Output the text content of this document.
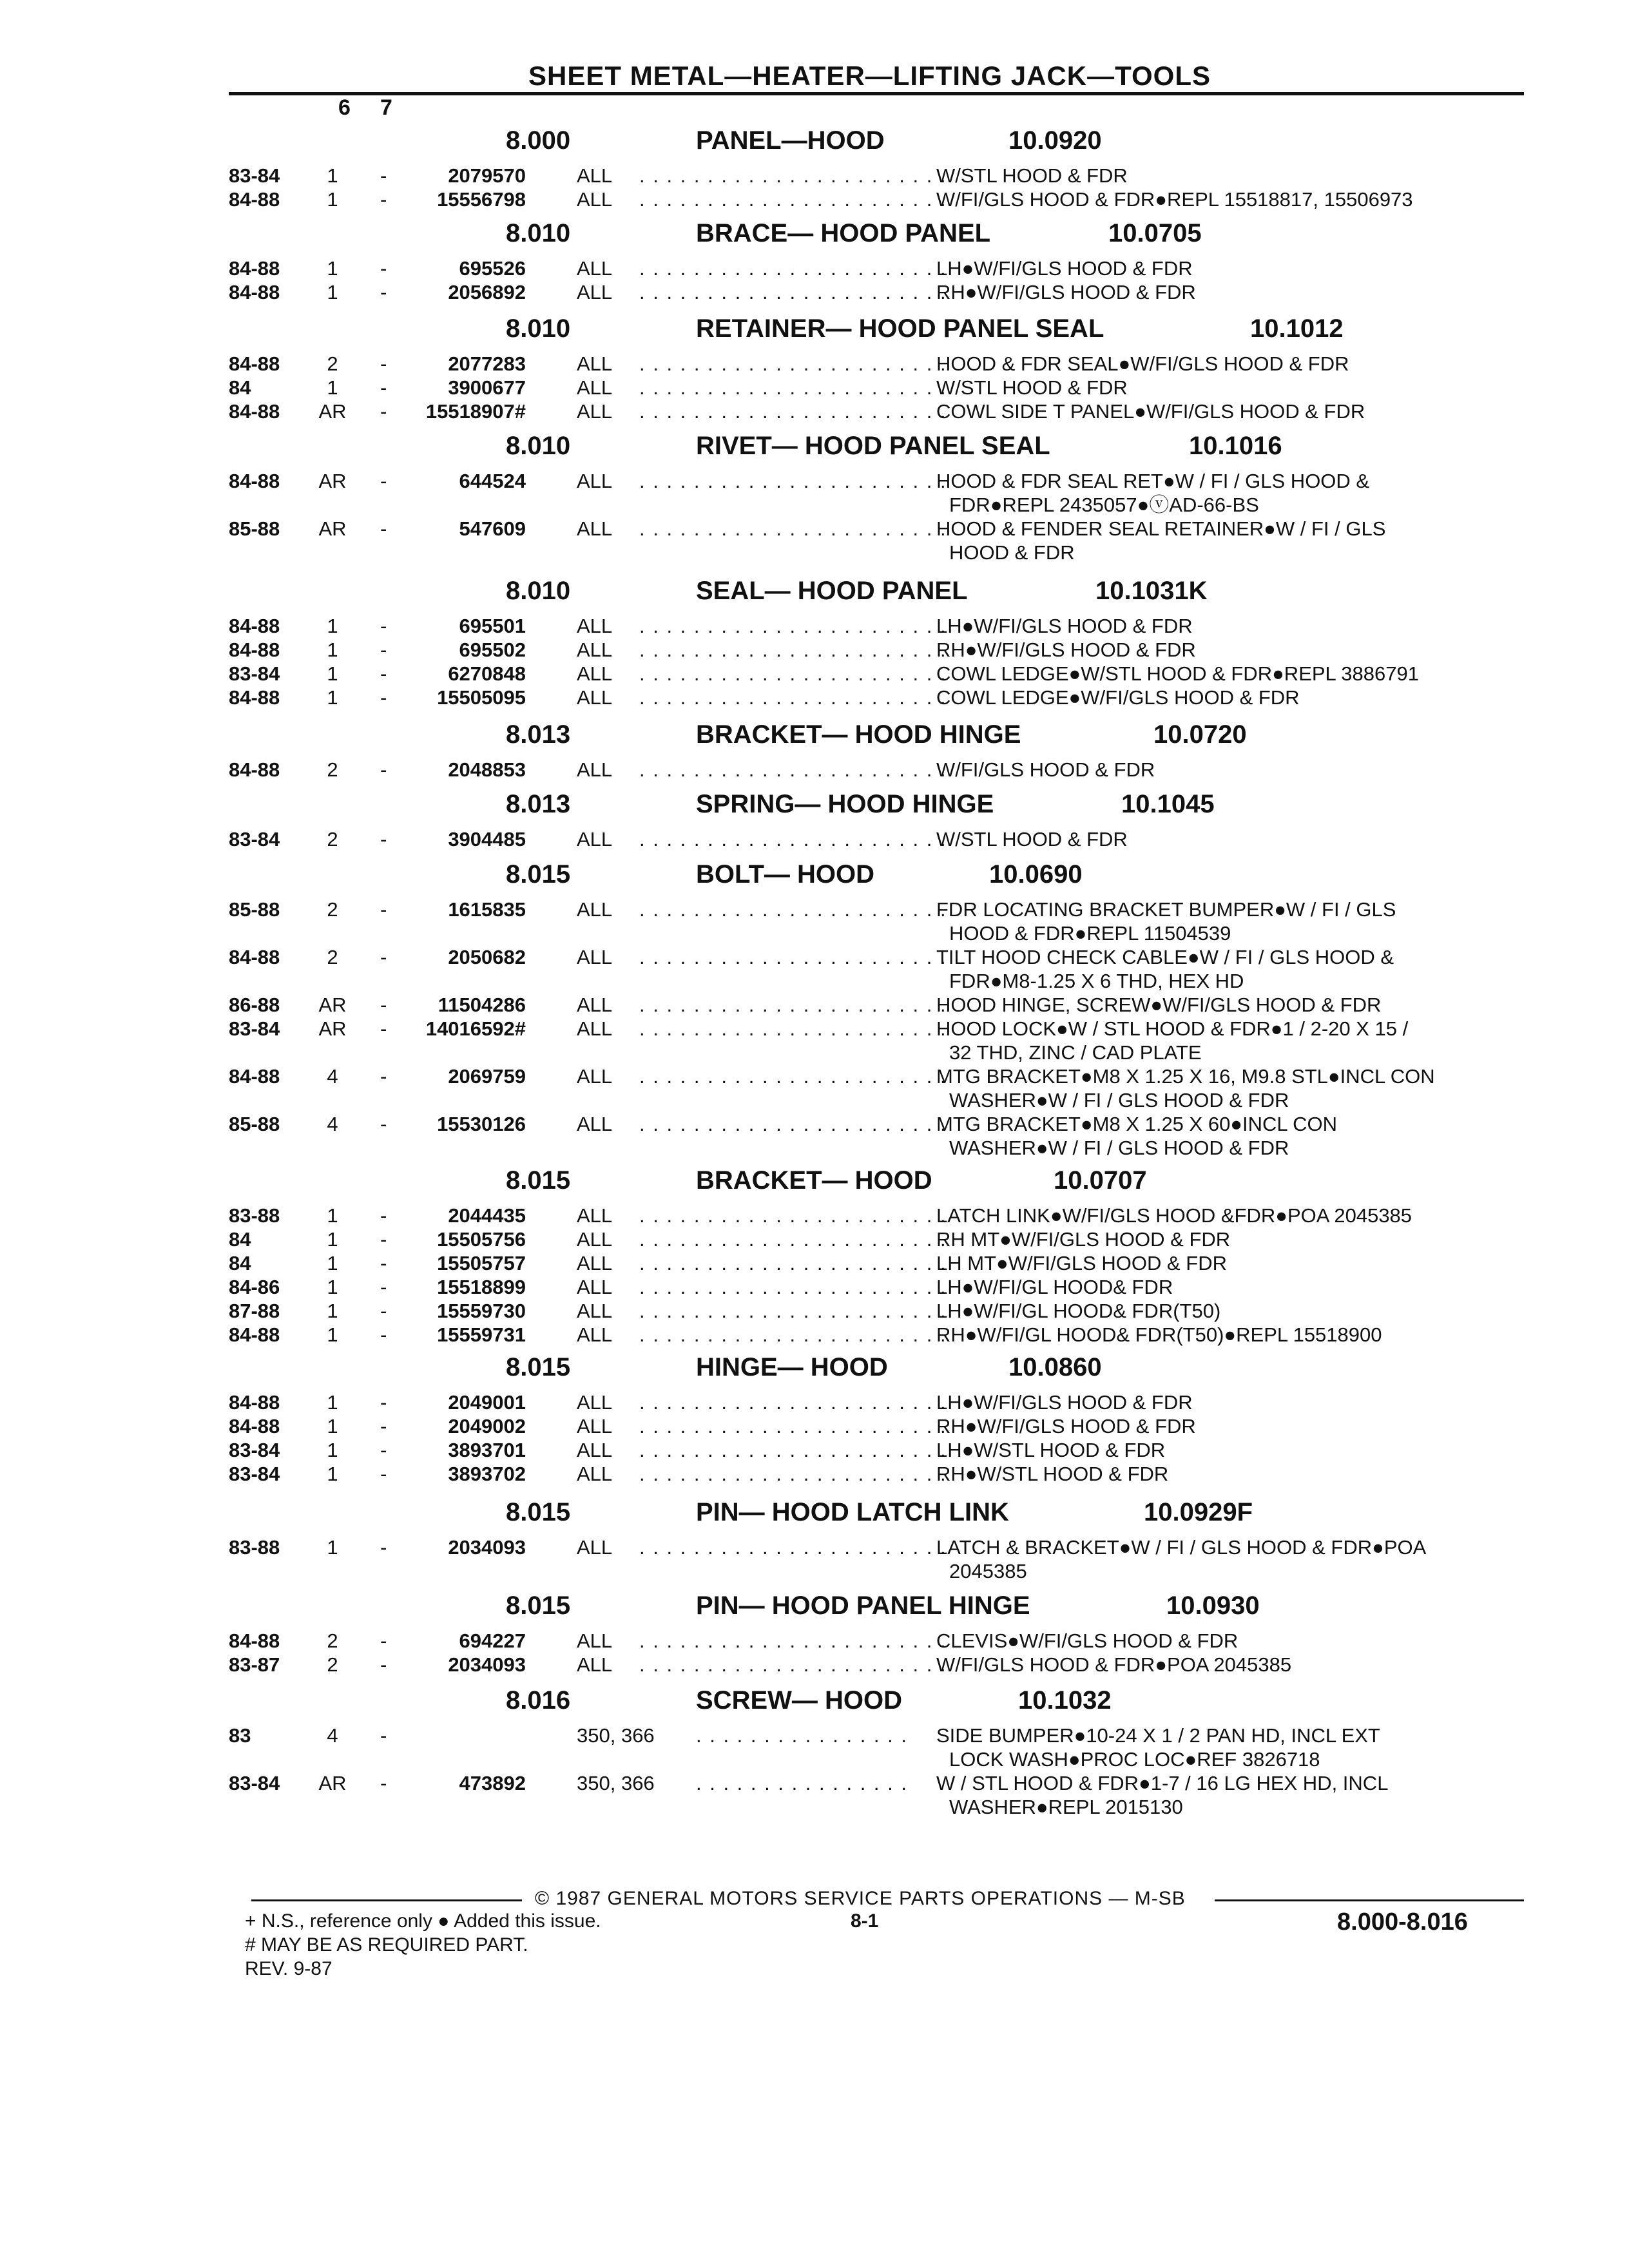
SHEET METAL—HEATER—LIFTING JACK—TOOLS
6 7
8.000	PANEL—HOOD	10.0920
83-84	1	-	2079570	ALL . . . . . . . . . . . . . . . . . . . . . . .
W/STL HOOD & FDR
84-88	1	-	15556798	ALL . . . . . . . . . . . . . . . . . . . . . . .
W/FI/GLS HOOD & FDR●REPL 15518817, 15506973
8.010	BRACE— HOOD PANEL	10.0705
84-88	1	-	695526	ALL . . . . . . . . . . . . . . . . . . . . . . .
LH●W/FI/GLS HOOD & FDR
84-88	1	-	2056892	ALL . . . . . . . . . . . . . . . . . . . . . . .
RH●W/FI/GLS HOOD & FDR
8.010	RETAINER— HOOD PANEL SEAL	10.1012
84-88	2	-	2077283	ALL . . . . . . . . . . . . . . . . . . . . . . .
HOOD & FDR SEAL●W/FI/GLS HOOD & FDR
84	1	-	3900677	ALL . . . . . . . . . . . . . . . . . . . . . . .
W/STL HOOD & FDR
84-88 AR -	15518907#	ALL . . . . . . . . . . . . . . . . . . . . . . .
COWL SIDE T PANEL●W/FI/GLS HOOD & FDR
8.010	RIVET— HOOD PANEL SEAL	10.1016
84-88 AR -	644524	ALL . . . . . . . . . . . . . . . . . . . . . . .
HOOD & FDR SEAL RET●W / FI / GLS HOOD &
FDR●REPL 2435057●ⓥAD-66-BS
85-88 AR -	547609	ALL . . . . . . . . . . . . . . . . . . . . . . .
HOOD & FENDER SEAL RETAINER●W / FI / GLS
HOOD & FDR
8.010	SEAL— HOOD PANEL	10.1031K
84-88	1	-	695501	ALL . . . . . . . . . . . . . . . . . . . . . . .
LH●W/FI/GLS HOOD & FDR
84-88	1	-	695502	ALL . . . . . . . . . . . . . . . . . . . . . . .
RH●W/FI/GLS HOOD & FDR
83-84	1	-	6270848	ALL . . . . . . . . . . . . . . . . . . . . . . .
COWL LEDGE●W/STL HOOD & FDR●REPL 3886791
84-88	1	-	15505095	ALL . . . . . . . . . . . . . . . . . . . . . . .
COWL LEDGE●W/FI/GLS HOOD & FDR
8.013	BRACKET— HOOD HINGE	10.0720
84-88	2	-	2048853	ALL . . . . . . . . . . . . . . . . . . . . . . .
W/FI/GLS HOOD & FDR
8.013	SPRING— HOOD HINGE	10.1045
83-84	2	-	3904485	ALL . . . . . . . . . . . . . . . . . . . . . . .
W/STL HOOD & FDR
8.015	BOLT— HOOD	10.0690
85-88	2	-	1615835	ALL . . . . . . . . . . . . . . . . . . . . . . .
FDR LOCATING BRACKET BUMPER●W / FI / GLS
HOOD & FDR●REPL 11504539
84-88	2	-	2050682	ALL . . . . . . . . . . . . . . . . . . . . . . .
TILT HOOD CHECK CABLE●W / FI / GLS HOOD &
FDR●M8-1.25 X 6 THD, HEX HD
86-88 AR -	11504286	ALL . . . . . . . . . . . . . . . . . . . . . . .
HOOD HINGE, SCREW●W/FI/GLS HOOD & FDR
83-84 AR -	14016592#	ALL . . . . . . . . . . . . . . . . . . . . . . .
HOOD LOCK●W / STL HOOD & FDR●1 / 2-20 X 15 /
32 THD, ZINC / CAD PLATE
84-88	4	-	2069759	ALL . . . . . . . . . . . . . . . . . . . . . . .
MTG BRACKET●M8 X 1.25 X 16, M9.8 STL●INCL CON
WASHER●W / FI / GLS HOOD & FDR
85-88	4	-	15530126	ALL . . . . . . . . . . . . . . . . . . . . . . .
MTG BRACKET●M8 X 1.25 X 60●INCL CON
WASHER●W / FI / GLS HOOD & FDR
8.015	BRACKET— HOOD	10.0707
83-88	1	-	2044435	ALL . . . . . . . . . . . . . . . . . . . . . . .
LATCH LINK●W/FI/GLS HOOD &FDR●POA 2045385
84	1	-	15505756	ALL . . . . . . . . . . . . . . . . . . . . . . .
RH MT●W/FI/GLS HOOD & FDR
84	1	-	15505757	ALL . . . . . . . . . . . . . . . . . . . . . . .
LH MT●W/FI/GLS HOOD & FDR
84-86	1	-	15518899	ALL . . . . . . . . . . . . . . . . . . . . . . .
LH●W/FI/GL HOOD& FDR
87-88	1	-	15559730	ALL . . . . . . . . . . . . . . . . . . . . . . .
LH●W/FI/GL HOOD& FDR(T50)
84-88	1	-	15559731	ALL . . . . . . . . . . . . . . . . . . . . . . .
RH●W/FI/GL HOOD& FDR(T50)●REPL 15518900
8.015	HINGE— HOOD	10.0860
84-88	1	-	2049001	ALL . . . . . . . . . . . . . . . . . . . . . . .
LH●W/FI/GLS HOOD & FDR
84-88	1	-	2049002	ALL . . . . . . . . . . . . . . . . . . . . . . .
RH●W/FI/GLS HOOD & FDR
83-84	1	-	3893701	ALL . . . . . . . . . . . . . . . . . . . . . . .
LH●W/STL HOOD & FDR
83-84	1	-	3893702	ALL . . . . . . . . . . . . . . . . . . . . . . .
RH●W/STL HOOD & FDR
8.015	PIN— HOOD LATCH LINK	10.0929F
83-88	1	-	2034093	ALL . . . . . . . . . . . . . . . . . . . . . . .
LATCH & BRACKET●W / FI / GLS HOOD & FDR●POA
2045385
8.015	PIN— HOOD PANEL HINGE	10.0930
84-88	2	-	694227	ALL . . . . . . . . . . . . . . . . . . . . . . .
CLEVIS●W/FI/GLS HOOD & FDR
83-87	2	-	2034093	ALL . . . . . . . . . . . . . . . . . . . . . . .
W/FI/GLS HOOD & FDR●POA 2045385
8.016	SCREW— HOOD	10.1032
83	4	-	350, 366 . . . . . . . . . . . . . . . . SIDE BUMPER●10-24 X 1 / 2 PAN HD, INCL EXT
LOCK WASH●PROC LOC●REF 3826718
83-84 AR -	473892	350, 366 . . . . . . . . . . . . . . . . W / STL HOOD & FDR●1-7 / 16 LG HEX HD, INCL
WASHER●REPL 2015130
© 1987 GENERAL MOTORS SERVICE PARTS OPERATIONS — M-SB
+ N.S., reference only ● Added this issue.	8-1	8.000-8.016
# MAY BE AS REQUIRED PART.
REV. 9-87
